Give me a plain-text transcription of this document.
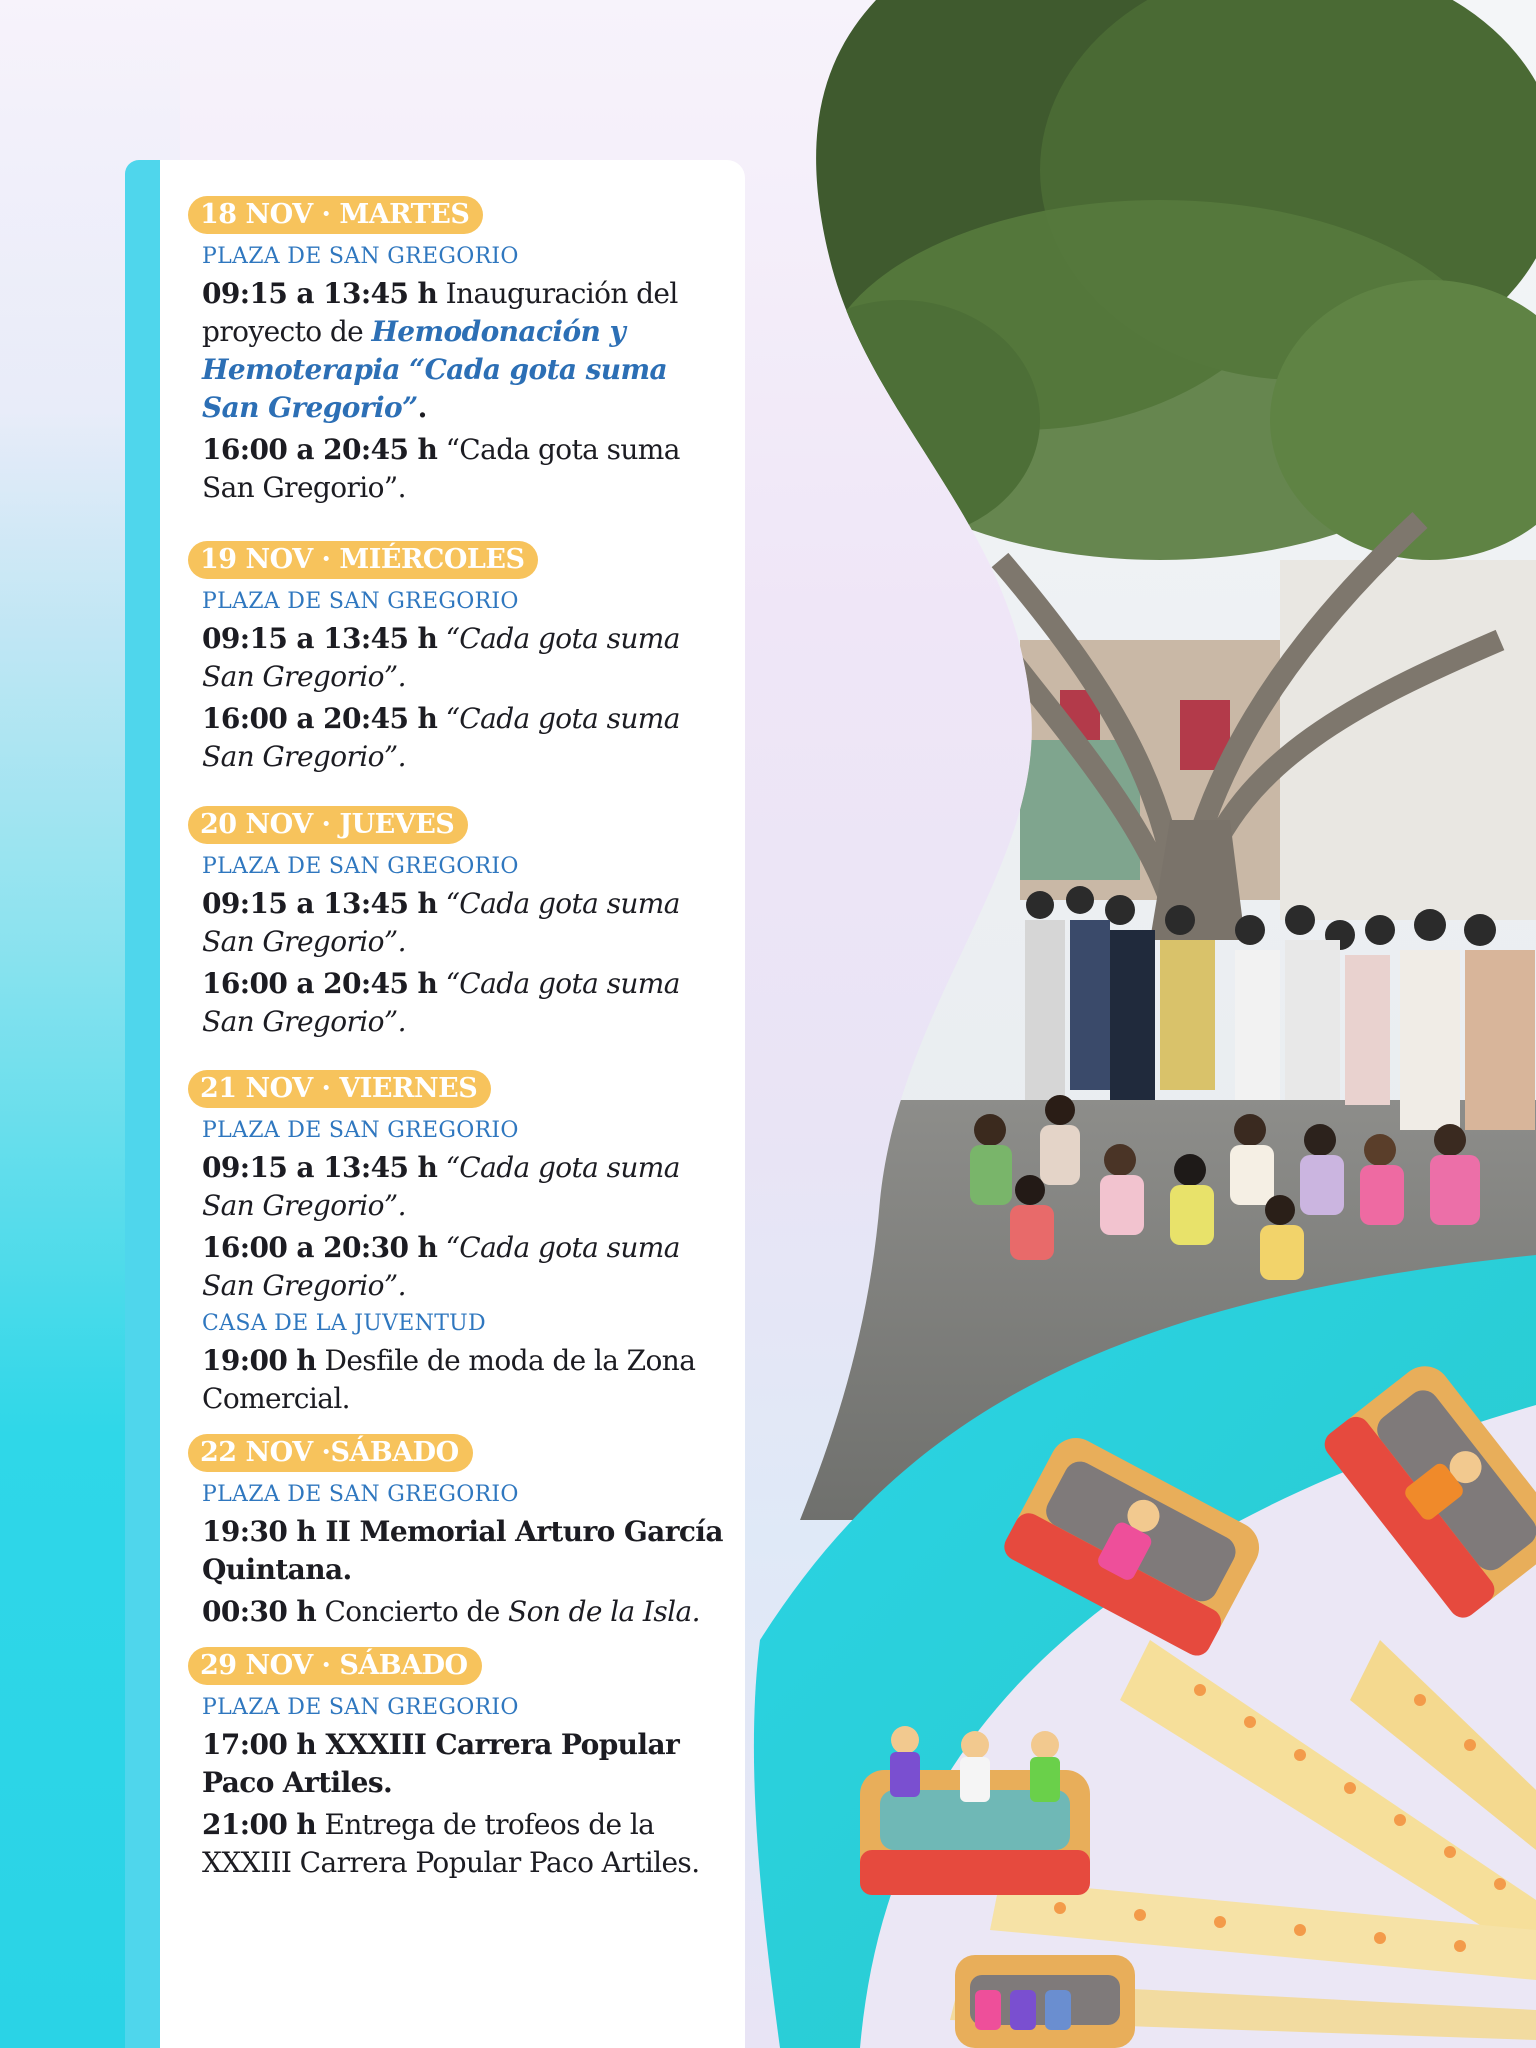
18 NOV · MARTES
PLAZA DE SAN GREGORIO
09:15 a 13:45 h Inauguración del proyecto de Hemodonación y Hemoterapia “Cada gota suma San Gregorio”.
16:00 a 20:45 h “Cada gota suma San Gregorio”.
19 NOV · MIÉRCOLES
PLAZA DE SAN GREGORIO
09:15 a 13:45 h “Cada gota suma San Gregorio”.
16:00 a 20:45 h “Cada gota suma San Gregorio”.
20 NOV · JUEVES
PLAZA DE SAN GREGORIO
09:15 a 13:45 h “Cada gota suma San Gregorio”.
16:00 a 20:45 h “Cada gota suma San Gregorio”.
21 NOV · VIERNES
PLAZA DE SAN GREGORIO
09:15 a 13:45 h “Cada gota suma San Gregorio”.
16:00 a 20:30 h “Cada gota suma San Gregorio”.
CASA DE LA JUVENTUD
19:00 h Desfile de moda de la Zona Comercial.
22 NOV ·SÁBADO
PLAZA DE SAN GREGORIO
19:30 h II Memorial Arturo García Quintana.
00:30 h Concierto de Son de la Isla.
29 NOV · SÁBADO
PLAZA DE SAN GREGORIO
17:00 h XXXIII Carrera Popular Paco Artiles.
21:00 h Entrega de trofeos de la XXXIII Carrera Popular Paco Artiles.
